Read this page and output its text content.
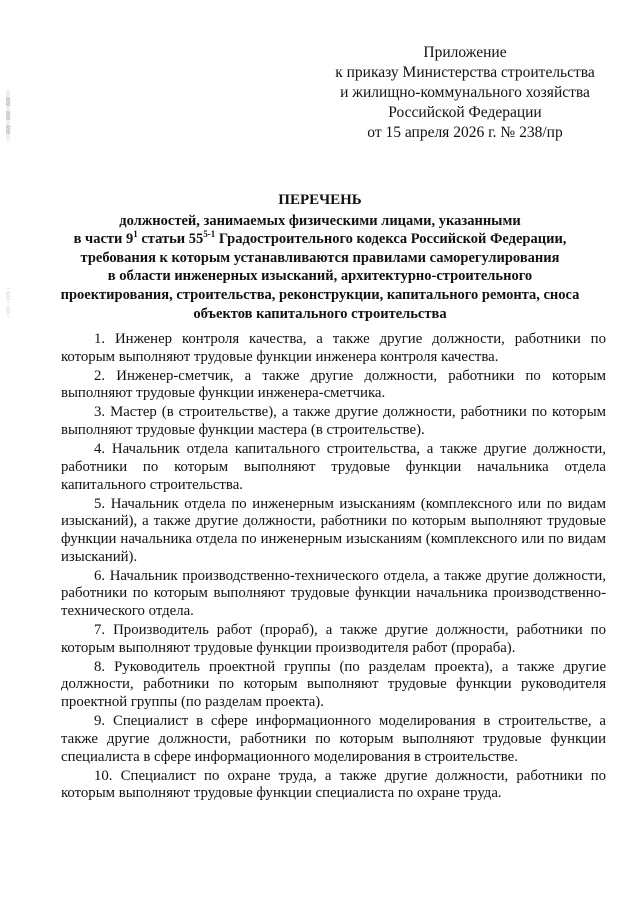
░
▒
░
▒
░
▒
░
·
░
·
░
·
Приложение
к приказу Министерства строительства
и жилищно-коммунального хозяйства
Российской Федерации
от 15 апреля 2026 г. № 238/пр
ПЕРЕЧЕНЬ
должностей, занимаемых физическими лицами, указанными
в части $9^1$ статьи 55$^{5-1}$ Градостроительного кодекса Российской Федерации,
требования к которым устанавливаются правилами саморегулирования
в области инженерных изысканий, архитектурно-строительного
проектирования, строительства, реконструкции, капитального ремонта, сноса
объектов капитального строительства
1. Инженер контроля качества, а также другие должности, работники по которым выполняют трудовые функции инженера контроля качества.
2. Инженер-сметчик, а также другие должности, работники по которым выполняют трудовые функции инженера-сметчика.
3. Мастер (в строительстве), а также другие должности, работники по которым выполняют трудовые функции мастера (в строительстве).
4. Начальник отдела капитального строительства, а также другие должности, работники по которым выполняют трудовые функции начальника отдела капитального строительства.
5. Начальник отдела по инженерным изысканиям (комплексного или по видам изысканий), а также другие должности, работники по которым выполняют трудовые функции начальника отдела по инженерным изысканиям (комплексного или по видам изысканий).
6. Начальник производственно-технического отдела, а также другие должности, работники по которым выполняют трудовые функции начальника производственно-технического отдела.
7. Производитель работ (прораб), а также другие должности, работники по которым выполняют трудовые функции производителя работ (прораба).
8. Руководитель проектной группы (по разделам проекта), а также другие должности, работники по которым выполняют трудовые функции руководителя проектной группы (по разделам проекта).
9. Специалист в сфере информационного моделирования в строительстве, а также другие должности, работники по которым выполняют трудовые функции специалиста в сфере информационного моделирования в строительстве.
10. Специалист по охране труда, а также другие должности, работники по которым выполняют трудовые функции специалиста по охране труда.
